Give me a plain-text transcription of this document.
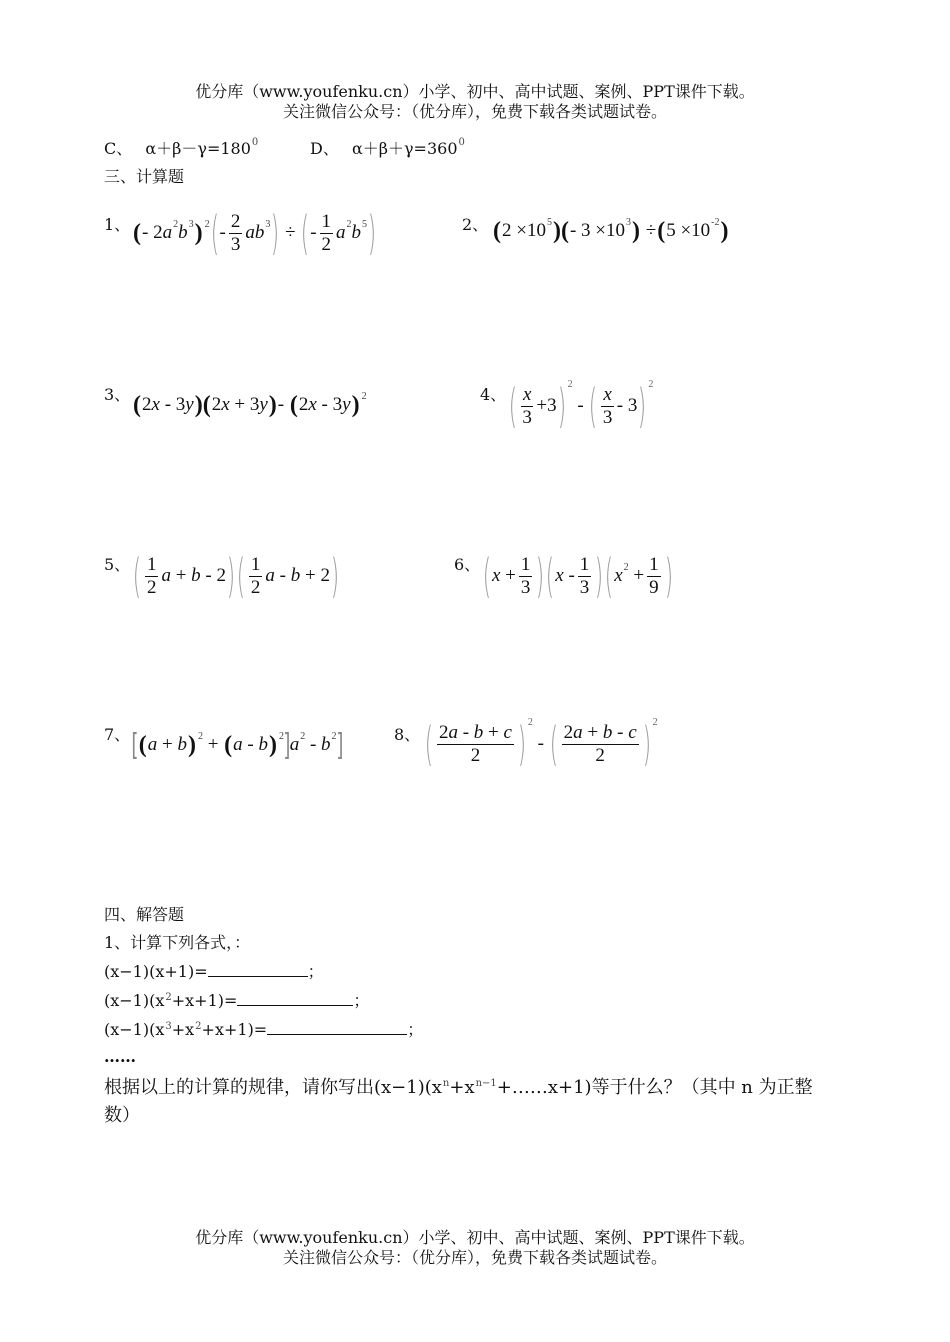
优分库（www.youfenku.cn）小学、初中、高中试题、案例、PPT课件下载。
关注微信公众号：（优分库），免费下载各类试题试卷。
C、 $\alpha+\beta-\gamma=180^0$	D、 $\alpha+\beta+\gamma=360^0$
三、计算题
1、 ( -
2 a 2 b 3 ) 2 ( - $\frac{2}{3}$ a b 3 )
÷
( - $\frac{1}{2}$ a 2 b 5 )	2、 ( 2
× 10 5 )( -
3
× 10 3 )
÷ ( 5
× 10 -2 )
3、 ( 2 x
-
3 y )( 2 x
+
3 y ) -
( 2 x
-
3 y ) 2	4、 ( $\frac{x}{3} + 3$ ) 2

-
( $\frac{x}{3}$ -
3 ) 2
5、 ( $\frac{1}{2}$ a
+
b
-
2 ) ( $\frac{1}{2}$ a
-
b
+
2 )	6、 ( x
+ $\frac{1}{3}$ ) ( x
- $\frac{1}{3}$ ) ( x 2
+ $\frac{1}{9}$ )
7、 [ ( a
+
b ) 2
+
( a
-
b ) 2 ] a 2
-
b 2 ]	8、 ( $\frac{2a - b + c}{2}$ ) 2

-
( $\frac{2a + b - c}{2}$ ) 2
四、解答题
1、计算下列各式，：
(x−1)(x+1)=	；
$(x-1)(x^2+x+1)=$	；
$(x-1)(x^3+x^2+x+1)=$	；
……
根据以上的计算的规律，请你写出$(x-1)(x^n+x^{n-1}+\dots\dots x+1)$等于什么？（其中 n 为正整
数）
优分库（www.youfenku.cn）小学、初中、高中试题、案例、PPT课件下载。
关注微信公众号：（优分库），免费下载各类试题试卷。
